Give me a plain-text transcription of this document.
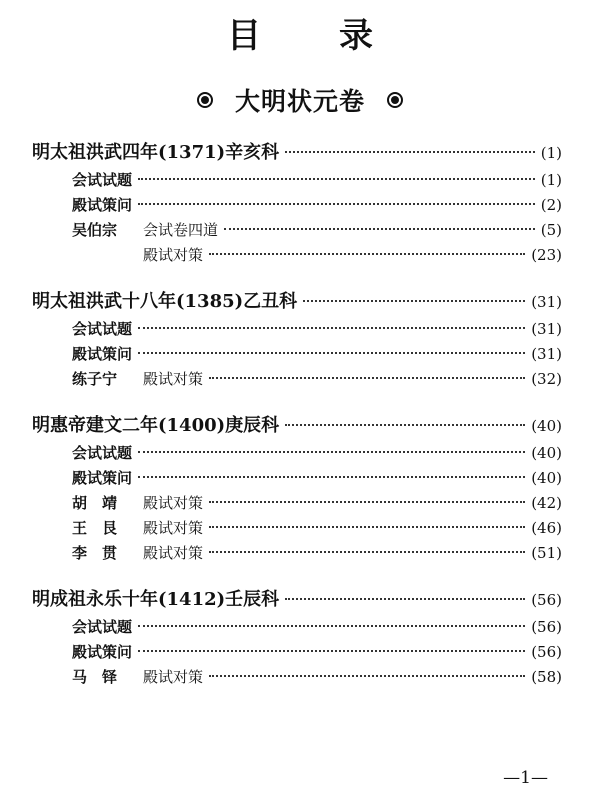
目　录
大明状元卷
明太祖洪武四年(1371)辛亥科	(1)
会试试题	(1)
殿试策问	(2)
吴伯宗	会试卷四道	(5)
殿试对策	(23)
明太祖洪武十八年(1385)乙丑科	(31)
会试试题	(31)
殿试策问	(31)
练子宁	殿试对策	(32)
明惠帝建文二年(1400)庚辰科	(40)
会试试题	(40)
殿试策问	(40)
胡　靖	殿试对策	(42)
王　艮	殿试对策	(46)
李　贯	殿试对策	(51)
明成祖永乐十年(1412)壬辰科	(56)
会试试题	(56)
殿试策问	(56)
马　铎	殿试对策	(58)
—1—
